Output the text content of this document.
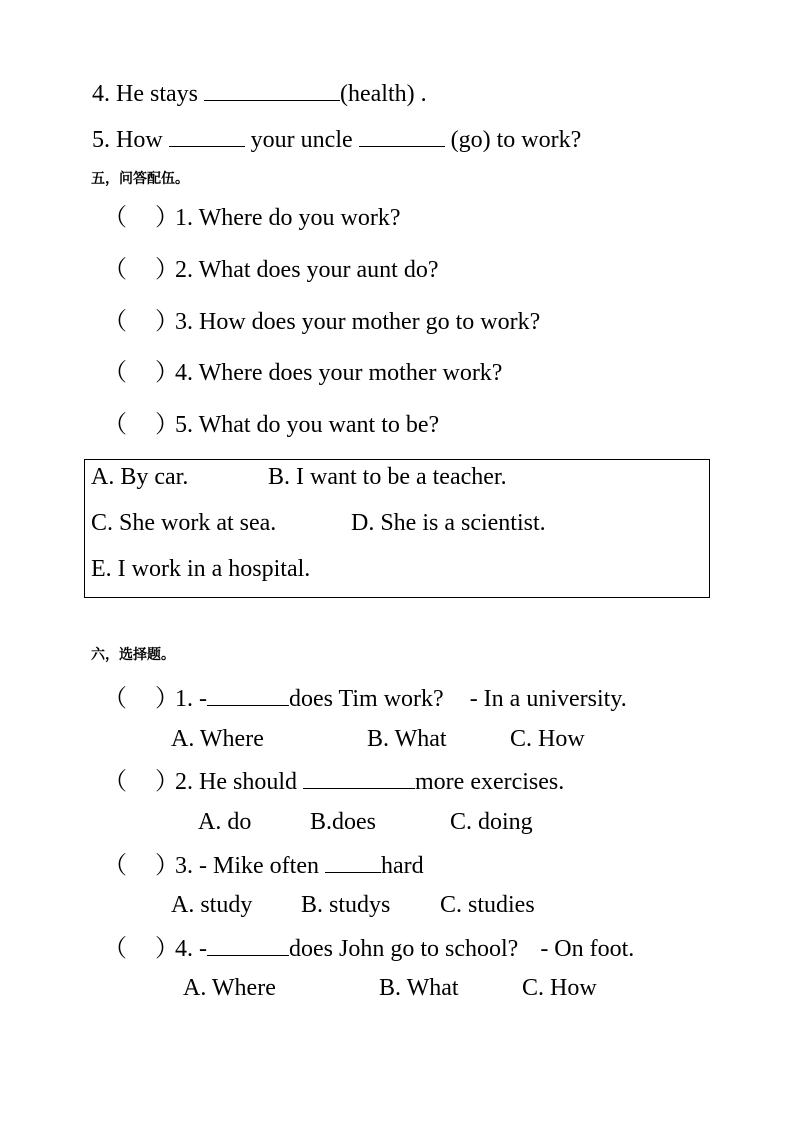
4. He stays	(health) .
5. How	your uncle	(go) to work?
五，问答配伍。
（ ）1. Where do you work?
（ ）2. What does your aunt do?
（ ）3. How does your mother go to work?
（ ）4. Where does your mother work?
（ ）5. What do you want to be?
A. By car.	B. I want to be a teacher.
C. She work at sea.	D. She is a scientist.
E. I work in a hospital.
六，选择题。
（ ）1. -	does Tim work? - In a university.
A. Where	B. What	C. How
（ ）2. He should	more exercises.
A. do B.does	C. doing
（ ）3. - Mike often hard
A. study B. studys C. studies
（ ）4. -	does John go to school? - On foot.
A. Where	B. What	C. How
